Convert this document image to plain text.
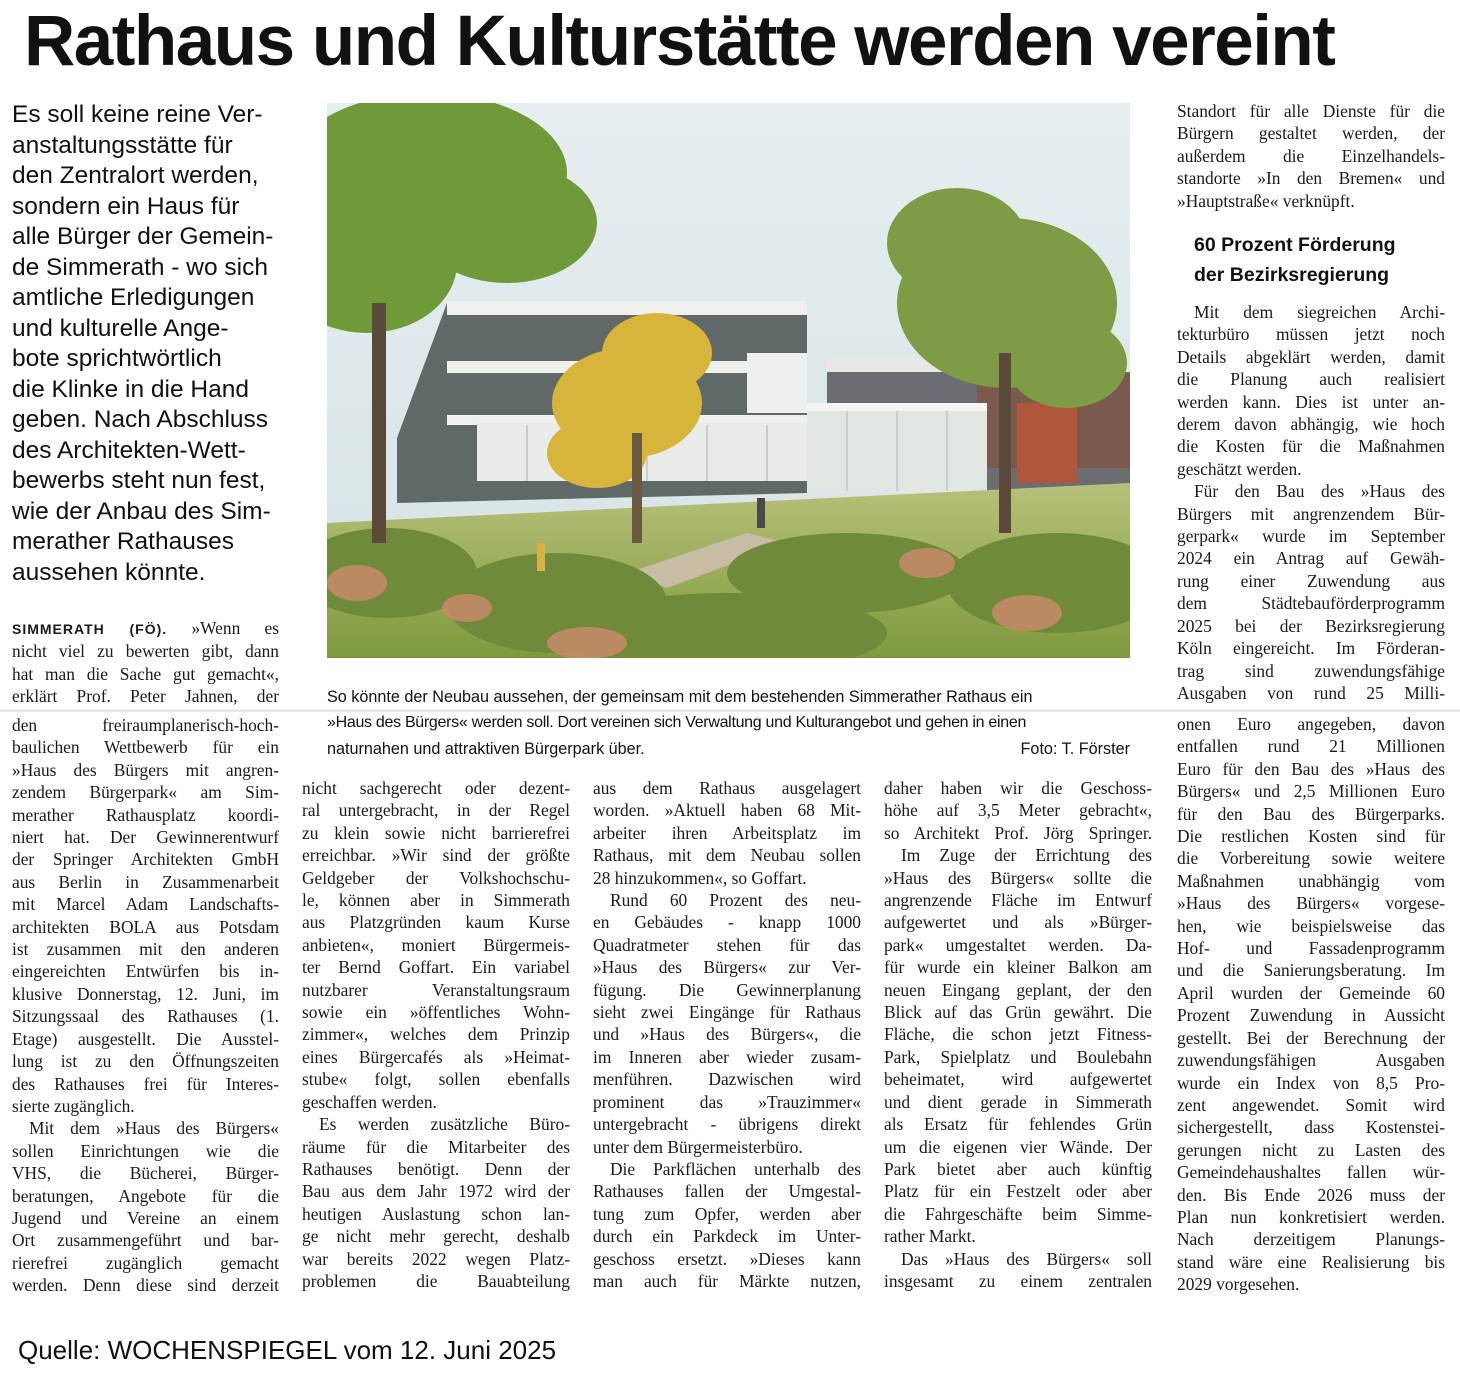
Rathaus und Kulturstätte werden vereint
Es soll keine reine Ver-
anstaltungsstätte für
den Zentralort werden,
sondern ein Haus für
alle Bürger der Gemein-
de Simmerath - wo sich
amtliche Erledigungen
und kulturelle Ange-
bote sprichtwörtlich
die Klinke in die Hand
geben. Nach Abschluss
des Architekten-Wett-
bewerbs steht nun fest,
wie der Anbau des Sim-
merather Rathauses
aussehen könnte.
SIMMERATH (FÖ). »Wenn es
nicht viel zu bewerten gibt, dann
hat man die Sache gut gemacht«,
erklärt Prof. Peter Jahnen, der
den freiraumplanerisch-hoch-
baulichen Wettbewerb für ein
»Haus des Bürgers mit angren-
zendem Bürgerpark« am Sim-
merather Rathausplatz koordi-
niert hat. Der Gewinnerentwurf
der Springer Architekten GmbH
aus Berlin in Zusammenarbeit
mit Marcel Adam Landschafts-
architekten BOLA aus Potsdam
ist zusammen mit den anderen
eingereichten Entwürfen bis in-
klusive Donnerstag, 12. Juni, im
Sitzungssaal des Rathauses (1.
Etage) ausgestellt. Die Ausstel-
lung ist zu den Öffnungszeiten
des Rathauses frei für Interes-
sierte zugänglich.
Mit dem »Haus des Bürgers«
sollen Einrichtungen wie die
VHS, die Bücherei, Bürger-
beratungen, Angebote für die
Jugend und Vereine an einem
Ort zusammengeführt und bar-
rierefrei zugänglich gemacht
werden. Denn diese sind derzeit
nicht sachgerecht oder dezent-
ral untergebracht, in der Regel
zu klein sowie nicht barrierefrei
erreichbar. »Wir sind der größte
Geldgeber der Volkshochschu-
le, können aber in Simmerath
aus Platzgründen kaum Kurse
anbieten«, moniert Bürgermeis-
ter Bernd Goffart. Ein variabel
nutzbarer Veranstaltungsraum
sowie ein »öffentliches Wohn-
zimmer«, welches dem Prinzip
eines Bürgercafés als »Heimat-
stube« folgt, sollen ebenfalls
geschaffen werden.
Es werden zusätzliche Büro-
räume für die Mitarbeiter des
Rathauses benötigt. Denn der
Bau aus dem Jahr 1972 wird der
heutigen Auslastung schon lan-
ge nicht mehr gerecht, deshalb
war bereits 2022 wegen Platz-
problemen die Bauabteilung
aus dem Rathaus ausgelagert
worden. »Aktuell haben 68 Mit-
arbeiter ihren Arbeitsplatz im
Rathaus, mit dem Neubau sollen
28 hinzukommen«, so Goffart.
Rund 60 Prozent des neu-
en Gebäudes - knapp 1000
Quadratmeter stehen für das
»Haus des Bürgers« zur Ver-
fügung. Die Gewinnerplanung
sieht zwei Eingänge für Rathaus
und »Haus des Bürgers«, die
im Inneren aber wieder zusam-
menführen. Dazwischen wird
prominent das »Trauzimmer«
untergebracht - übrigens direkt
unter dem Bürgermeisterbüro.
Die Parkflächen unterhalb des
Rathauses fallen der Umgestal-
tung zum Opfer, werden aber
durch ein Parkdeck im Unter-
geschoss ersetzt. »Dieses kann
man auch für Märkte nutzen,
daher haben wir die Geschoss-
höhe auf 3,5 Meter gebracht«,
so Architekt Prof. Jörg Springer.
Im Zuge der Errichtung des
»Haus des Bürgers« sollte die
angrenzende Fläche im Entwurf
aufgewertet und als »Bürger-
park« umgestaltet werden. Da-
für wurde ein kleiner Balkon am
neuen Eingang geplant, der den
Blick auf das Grün gewährt. Die
Fläche, die schon jetzt Fitness-
Park, Spielplatz und Boulebahn
beheimatet, wird aufgewertet
und dient gerade in Simmerath
als Ersatz für fehlendes Grün
um die eigenen vier Wände. Der
Park bietet aber auch künftig
Platz für ein Festzelt oder aber
die Fahrgeschäfte beim Simme-
rather Markt.
Das »Haus des Bürgers« soll
insgesamt zu einem zentralen
Standort für alle Dienste für die
Bürgern gestaltet werden, der
außerdem die Einzelhandels-
standorte »In den Bremen« und
»Hauptstraße« verknüpft.
60 Prozent Förderung
der Bezirksregierung
Mit dem siegreichen Archi-
tekturbüro müssen jetzt noch
Details abgeklärt werden, damit
die Planung auch realisiert
werden kann. Dies ist unter an-
derem davon abhängig, wie hoch
die Kosten für die Maßnahmen
geschätzt werden.
Für den Bau des »Haus des
Bürgers mit angrenzendem Bür-
gerpark« wurde im September
2024 ein Antrag auf Gewäh-
rung einer Zuwendung aus
dem Städtebauförderprogramm
2025 bei der Bezirksregierung
Köln eingereicht. Im Förderan-
trag sind zuwendungsfähige
Ausgaben von rund 25 Milli-
onen Euro angegeben, davon
entfallen rund 21 Millionen
Euro für den Bau des »Haus des
Bürgers« und 2,5 Millionen Euro
für den Bau des Bürgerparks.
Die restlichen Kosten sind für
die Vorbereitung sowie weitere
Maßnahmen unabhängig vom
»Haus des Bürgers« vorgese-
hen, wie beispielsweise das
Hof- und Fassadenprogramm
und die Sanierungsberatung. Im
April wurden der Gemeinde 60
Prozent Zuwendung in Aussicht
gestellt. Bei der Berechnung der
zuwendungsfähigen Ausgaben
wurde ein Index von 8,5 Pro-
zent angewendet. Somit wird
sichergestellt, dass Kostenstei-
gerungen nicht zu Lasten des
Gemeindehaushaltes fallen wür-
den. Bis Ende 2026 muss der
Plan nun konkretisiert werden.
Nach derzeitigem Planungs-
stand wäre eine Realisierung bis
2029 vorgesehen.
So könnte der Neubau aussehen, der gemeinsam mit dem bestehenden Simmerather Rathaus ein
»Haus des Bürgers« werden soll. Dort vereinen sich Verwaltung und Kulturangebot und gehen in einen
naturnahen und attraktiven Bürgerpark über.	Foto: T. Förster
Quelle: WOCHENSPIEGEL vom 12. Juni 2025
